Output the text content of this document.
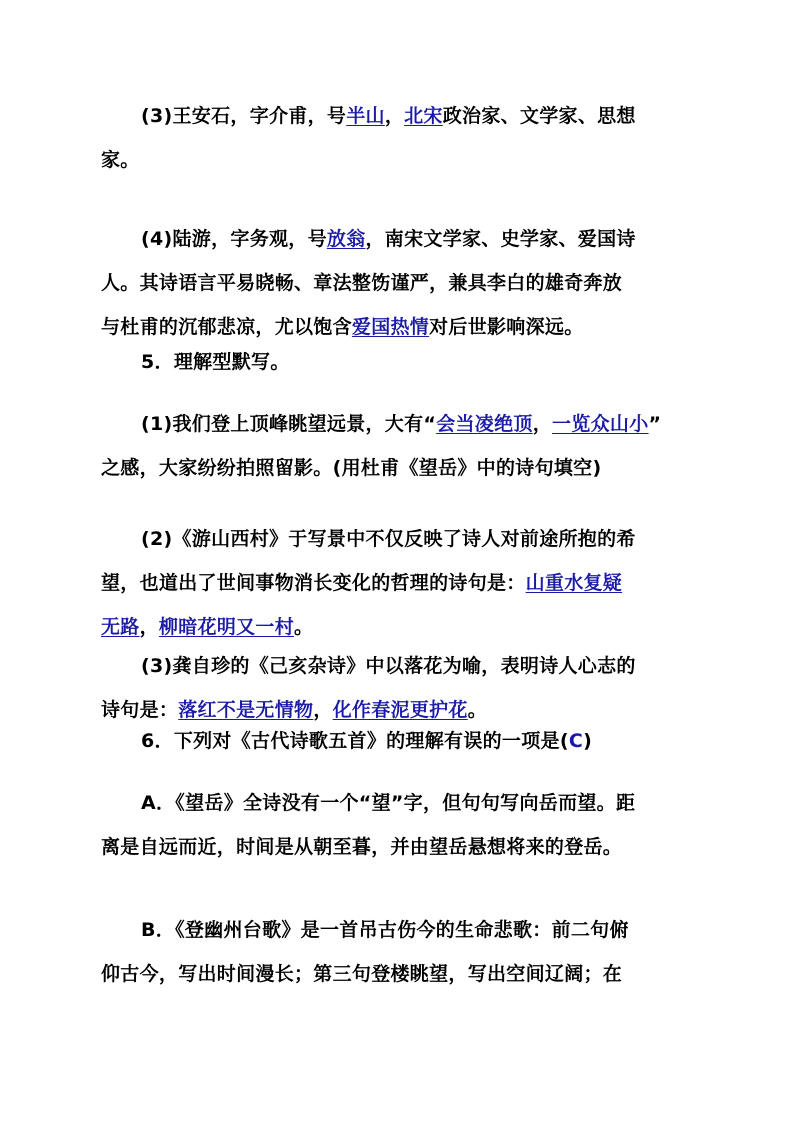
(3)王安石，字介甫，号半山，北宋政治家、文学家、思想
家。
(4)陆游，字务观，号放翁，南宋文学家、史学家、爱国诗
人。其诗语言平易晓畅、章法整饬谨严，兼具李白的雄奇奔放
与杜甫的沉郁悲凉，尤以饱含爱国热情对后世影响深远。
5．理解型默写。
(1)我们登上顶峰眺望远景，大有“会当凌绝顶，一览众山小”
之感，大家纷纷拍照留影。(用杜甫《望岳》中的诗句填空)
(2)《游山西村》于写景中不仅反映了诗人对前途所抱的希
望，也道出了世间事物消长变化的哲理的诗句是：山重水复疑
无路，柳暗花明又一村。
(3)龚自珍的《己亥杂诗》中以落花为喻，表明诗人心志的
诗句是：落红不是无情物，化作春泥更护花。
6．下列对《古代诗歌五首》的理解有误的一项是(C)
A．《望岳》全诗没有一个“望”字，但句句写向岳而望。距
离是自远而近，时间是从朝至暮，并由望岳悬想将来的登岳。
B．《登幽州台歌》是一首吊古伤今的生命悲歌：前二句俯
仰古今，写出时间漫长；第三句登楼眺望，写出空间辽阔；在
